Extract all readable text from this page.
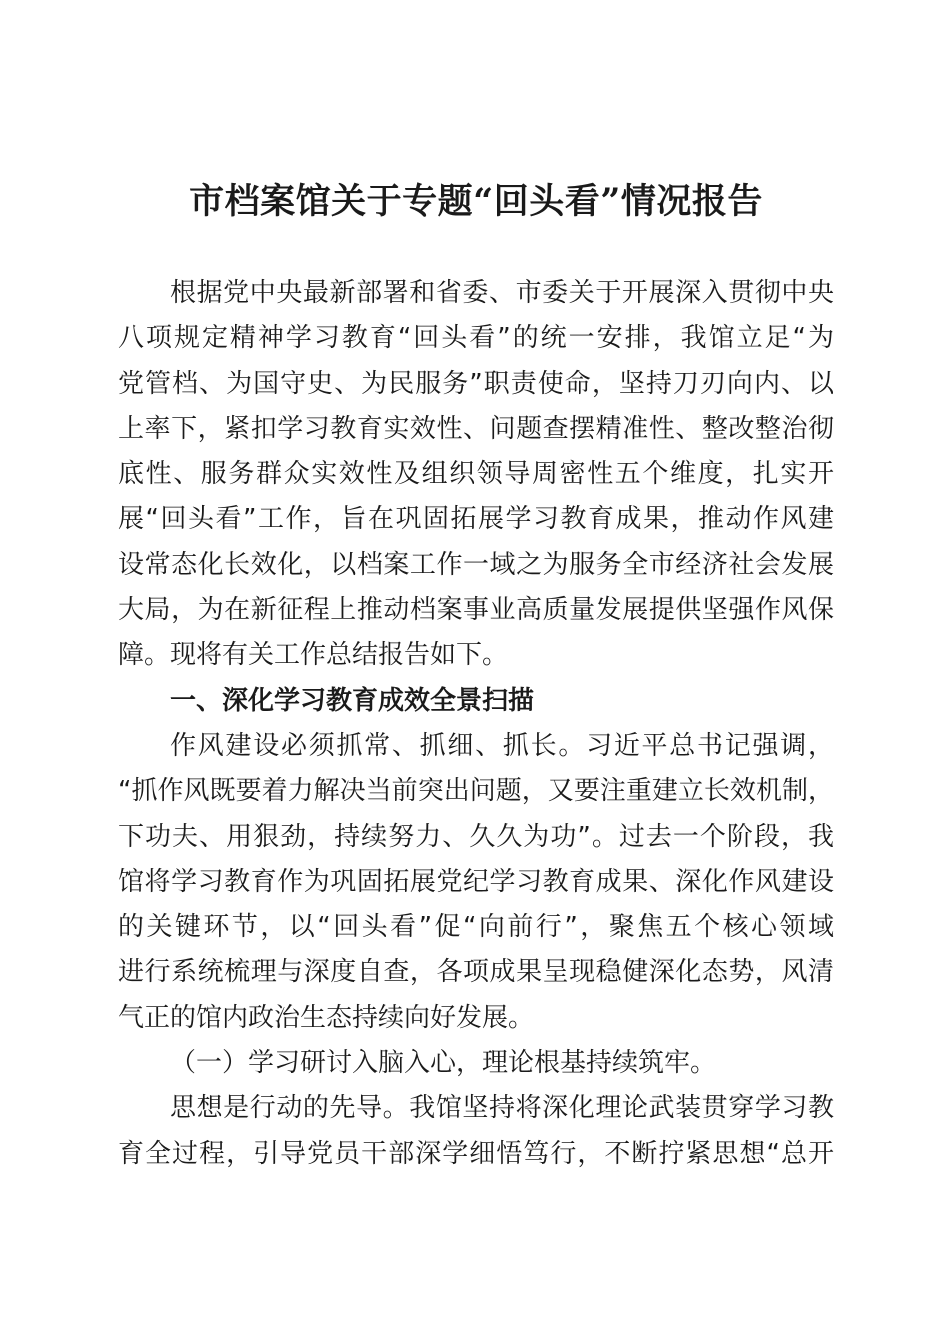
市档案馆关于专题“回头看”情况报告
根据党中央最新部署和省委、市委关于开展深入贯彻中央
八项规定精神学习教育“回头看”的统一安排，我馆立足“为
党管档、为国守史、为民服务”职责使命，坚持刀刃向内、以
上率下，紧扣学习教育实效性、问题查摆精准性、整改整治彻
底性、服务群众实效性及组织领导周密性五个维度，扎实开
展“回头看”工作，旨在巩固拓展学习教育成果，推动作风建
设常态化长效化，以档案工作一域之为服务全市经济社会发展
大局，为在新征程上推动档案事业高质量发展提供坚强作风保
障。现将有关工作总结报告如下。
一、深化学习教育成效全景扫描
作风建设必须抓常、抓细、抓长。习近平总书记强调，
“抓作风既要着力解决当前突出问题，又要注重建立长效机制，
下功夫、用狠劲，持续努力、久久为功”。过去一个阶段，我
馆将学习教育作为巩固拓展党纪学习教育成果、深化作风建设
的关键环节，以“回头看”促“向前行”，聚焦五个核心领域
进行系统梳理与深度自查，各项成果呈现稳健深化态势，风清
气正的馆内政治生态持续向好发展。
（一）学习研讨入脑入心，理论根基持续筑牢。
思想是行动的先导。我馆坚持将深化理论武装贯穿学习教
育全过程，引导党员干部深学细悟笃行，不断拧紧思想“总开
